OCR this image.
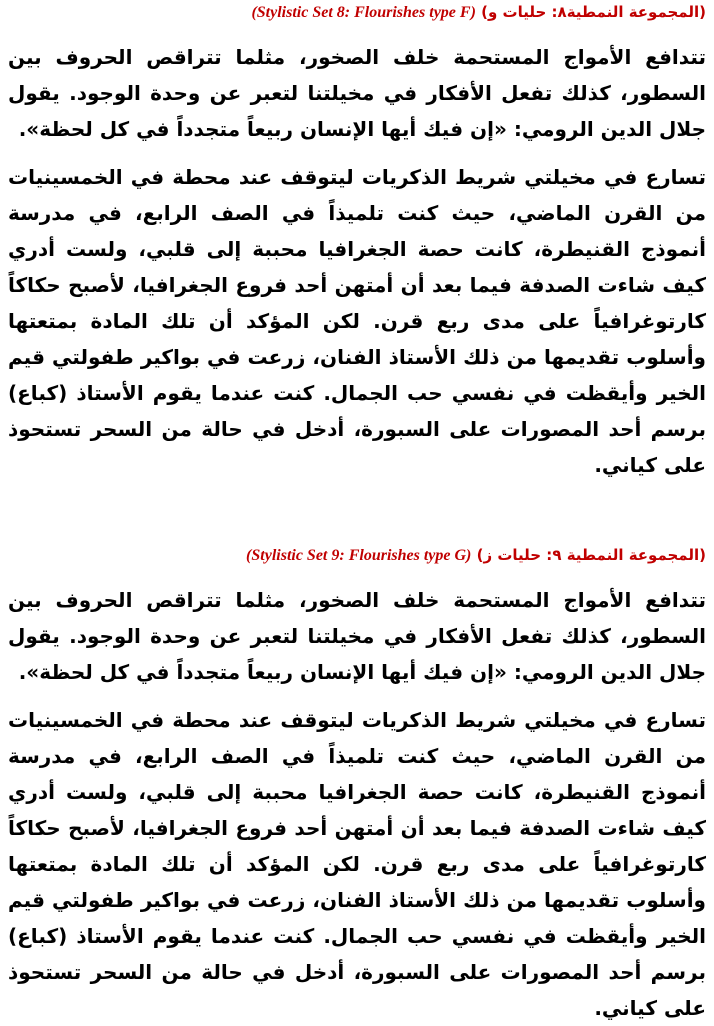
(المجموعة النمطية٨: حليات و) (Stylistic Set 8: Flourishes type F)

تتدافع الأمواج المستحمة خلف الصخور، مثلما تتراقص الحروف بين السطور، كذلك تفعل الأفكار في مخيلتنا لتعبر عن وحدة الوجود. يقول جلال الدين الرومي: «إن فيك أيها الإنسان ربيعاً متجدداً في كل لحظة».

تسارع في مخيلتي شريط الذكريات ليتوقف عند محطة في الخمسينيات من القرن الماضي، حيث كنت تلميذاً في الصف الرابع، في مدرسة أنموذج القنيطرة، كانت حصة الجغرافيا محببة إلى قلبي، ولست أدري كيف شاءت الصدفة فيما بعد أن أمتهن أحد فروع الجغرافيا، لأصبح حكاكاً كارتوغرافياً على مدى ربع قرن. لكن المؤكد أن تلك المادة بمتعتها وأسلوب تقديمها من ذلك الأستاذ الفنان، زرعت في بواكير طفولتي قيم الخير وأيقظت في نفسي حب الجمال. كنت عندما يقوم الأستاذ (كباع) برسم أحد المصورات على السبورة، أدخل في حالة من السحر تستحوذ على كياني.

(المجموعة النمطية ٩: حليات ز) (Stylistic Set 9: Flourishes type G)

تتدافع الأمواج المستحمة خلف الصخور، مثلما تتراقص الحروف بين السطور، كذلك تفعل الأفكار في مخيلتنا لتعبر عن وحدة الوجود. يقول جلال الدين الرومي: «إن فيك أيها الإنسان ربيعاً متجدداً في كل لحظة».

تسارع في مخيلتي شريط الذكريات ليتوقف عند محطة في الخمسينيات من القرن الماضي، حيث كنت تلميذاً في الصف الرابع، في مدرسة أنموذج القنيطرة، كانت حصة الجغرافيا محببة إلى قلبي، ولست أدري كيف شاءت الصدفة فيما بعد أن أمتهن أحد فروع الجغرافيا، لأصبح حكاكاً كارتوغرافياً على مدى ربع قرن. لكن المؤكد أن تلك المادة بمتعتها وأسلوب تقديمها من ذلك الأستاذ الفنان، زرعت في بواكير طفولتي قيم الخير وأيقظت في نفسي حب الجمال. كنت عندما يقوم الأستاذ (كباع) برسم أحد المصورات على السبورة، أدخل في حالة من السحر تستحوذ على كياني.
